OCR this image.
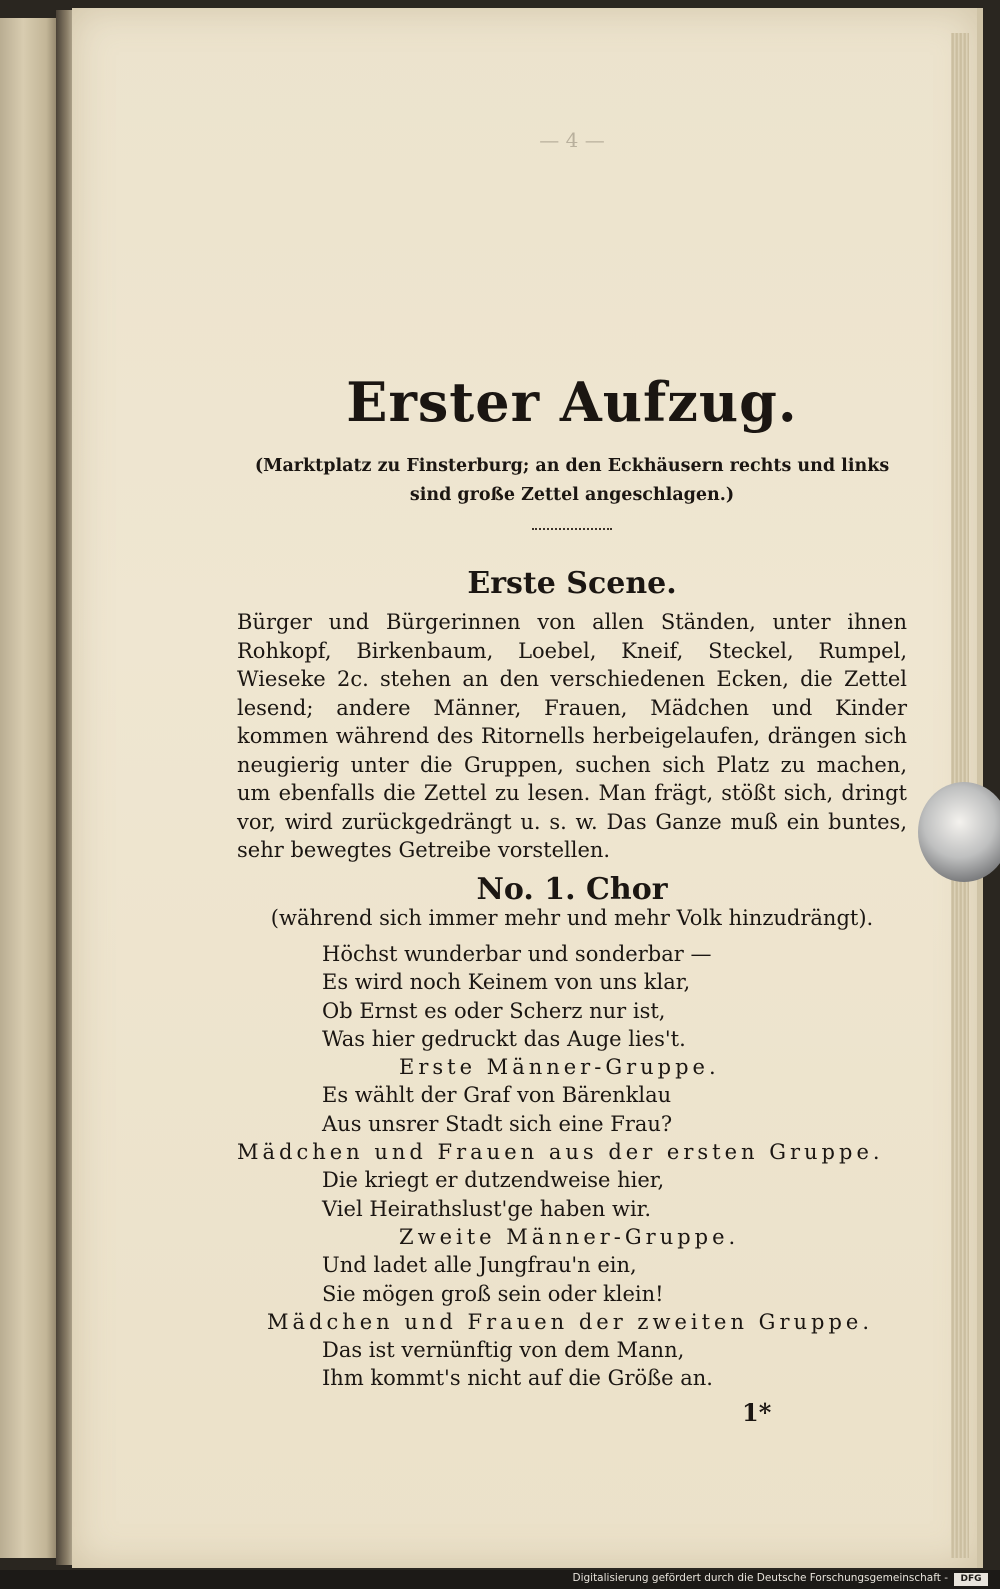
— 4 —
Erster Aufzug.
(Marktplatz zu Finsterburg; an den Eckhäusern rechts und links sind große Zettel angeschlagen.)
Erste Scene.

Bürger und Bürgerinnen von allen Ständen, unter ihnen Rohkopf, Birkenbaum, Loebel, Kneif, Steckel, Rumpel, Wieseke 2c. stehen an den verschiedenen Ecken, die Zettel lesend; andere Männer, Frauen, Mädchen und Kinder kommen während des Ritornells herbeigelaufen, drängen sich neugierig unter die Gruppen, suchen sich Platz zu machen, um ebenfalls die Zettel zu lesen. Man frägt, stößt sich, dringt vor, wird zurückgedrängt u. s. w. Das Ganze muß ein buntes, sehr bewegtes Getreibe vorstellen.

No. 1. Chor
(während sich immer mehr und mehr Volk hinzudrängt).
Höchst wunderbar und sonderbar —
Es wird noch Keinem von uns klar,
Ob Ernst es oder Scherz nur ist,
Was hier gedruckt das Auge lies't.
Erste Männer-Gruppe.
Es wählt der Graf von Bärenklau
Aus unsrer Stadt sich eine Frau?
Mädchen und Frauen aus der ersten Gruppe.
Die kriegt er dutzendweise hier,
Viel Heirathslust'ge haben wir.
Zweite Männer-Gruppe.
Und ladet alle Jungfrau'n ein,
Sie mögen groß sein oder klein!
Mädchen und Frauen der zweiten Gruppe.
Das ist vernünftig von dem Mann,
Ihm kommt's nicht auf die Größe an.
1*
Digitalisierung gefördert durch die Deutsche Forschungsgemeinschaft -	DFG
